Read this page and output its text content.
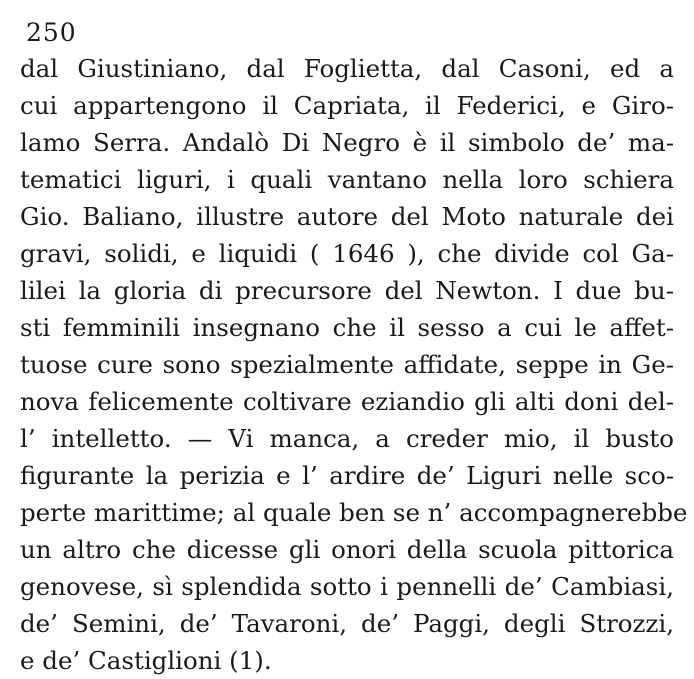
250
dal Giustiniano, dal Foglietta, dal Casoni, ed a
cui appartengono il Capriata, il Federici, e Giro-
lamo Serra. Andalò Di Negro è il simbolo de’ ma-
tematici liguri, i quali vantano nella loro schiera
Gio. Baliano, illustre autore del Moto naturale dei
gravi, solidi, e liquidi ( 1646 ), che divide col Ga-
lilei la gloria di precursore del Newton. I due bu-
sti femminili insegnano che il sesso a cui le affet-
tuose cure sono spezialmente affidate, seppe in Ge-
nova felicemente coltivare eziandio gli alti doni del-
l’ intelletto. — Vi manca, a creder mio, il busto
figurante la perizia e l’ ardire de’ Liguri nelle sco-
perte marittime; al quale ben se n’ accompagnerebbe
un altro che dicesse gli onori della scuola pittorica
genovese, sì splendida sotto i pennelli de’ Cambiasi,
de’ Semini, de’ Tavaroni, de’ Paggi, degli Strozzi,
e de’ Castiglioni (1).
